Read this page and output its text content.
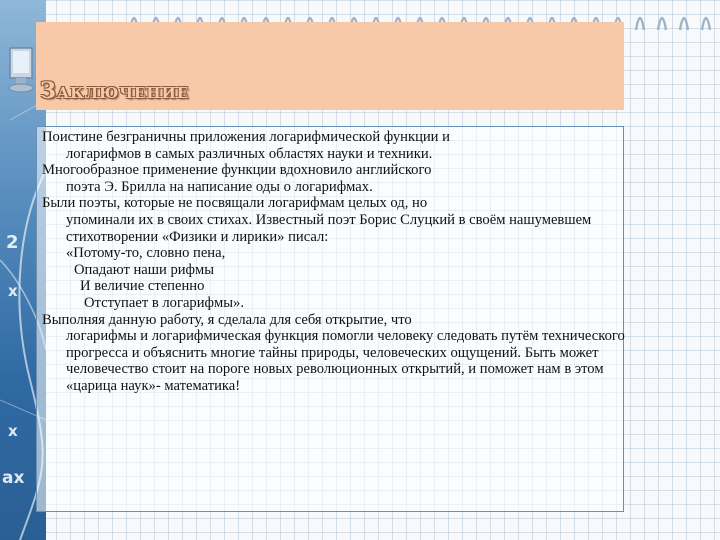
2
x
x
ax
Заключение
Поистине безграничны приложения логарифмической функции и
логарифмов в самых различных областях науки и техники.
Многообразное применение функции вдохновило английского
поэта Э. Брилла на написание оды о логарифмах.
Были поэты, которые не посвящали логарифмам целых од, но
упоминали их в своих стихах. Известный поэт Борис Слуцкий в своём нашумевшем стихотворении «Физики и лирики» писал:
«Потому-то, словно пена,
Опадают наши рифмы
И величие степенно
Отступает в логарифмы».
Выполняя данную работу, я сделала для себя открытие, что
логарифмы и логарифмическая функция помогли человеку следовать путём технического прогресса и объяснить многие тайны природы, человеческих ощущений. Быть может человечество стоит на пороге новых революционных открытий, и поможет нам в этом «царица наук»- математика!
